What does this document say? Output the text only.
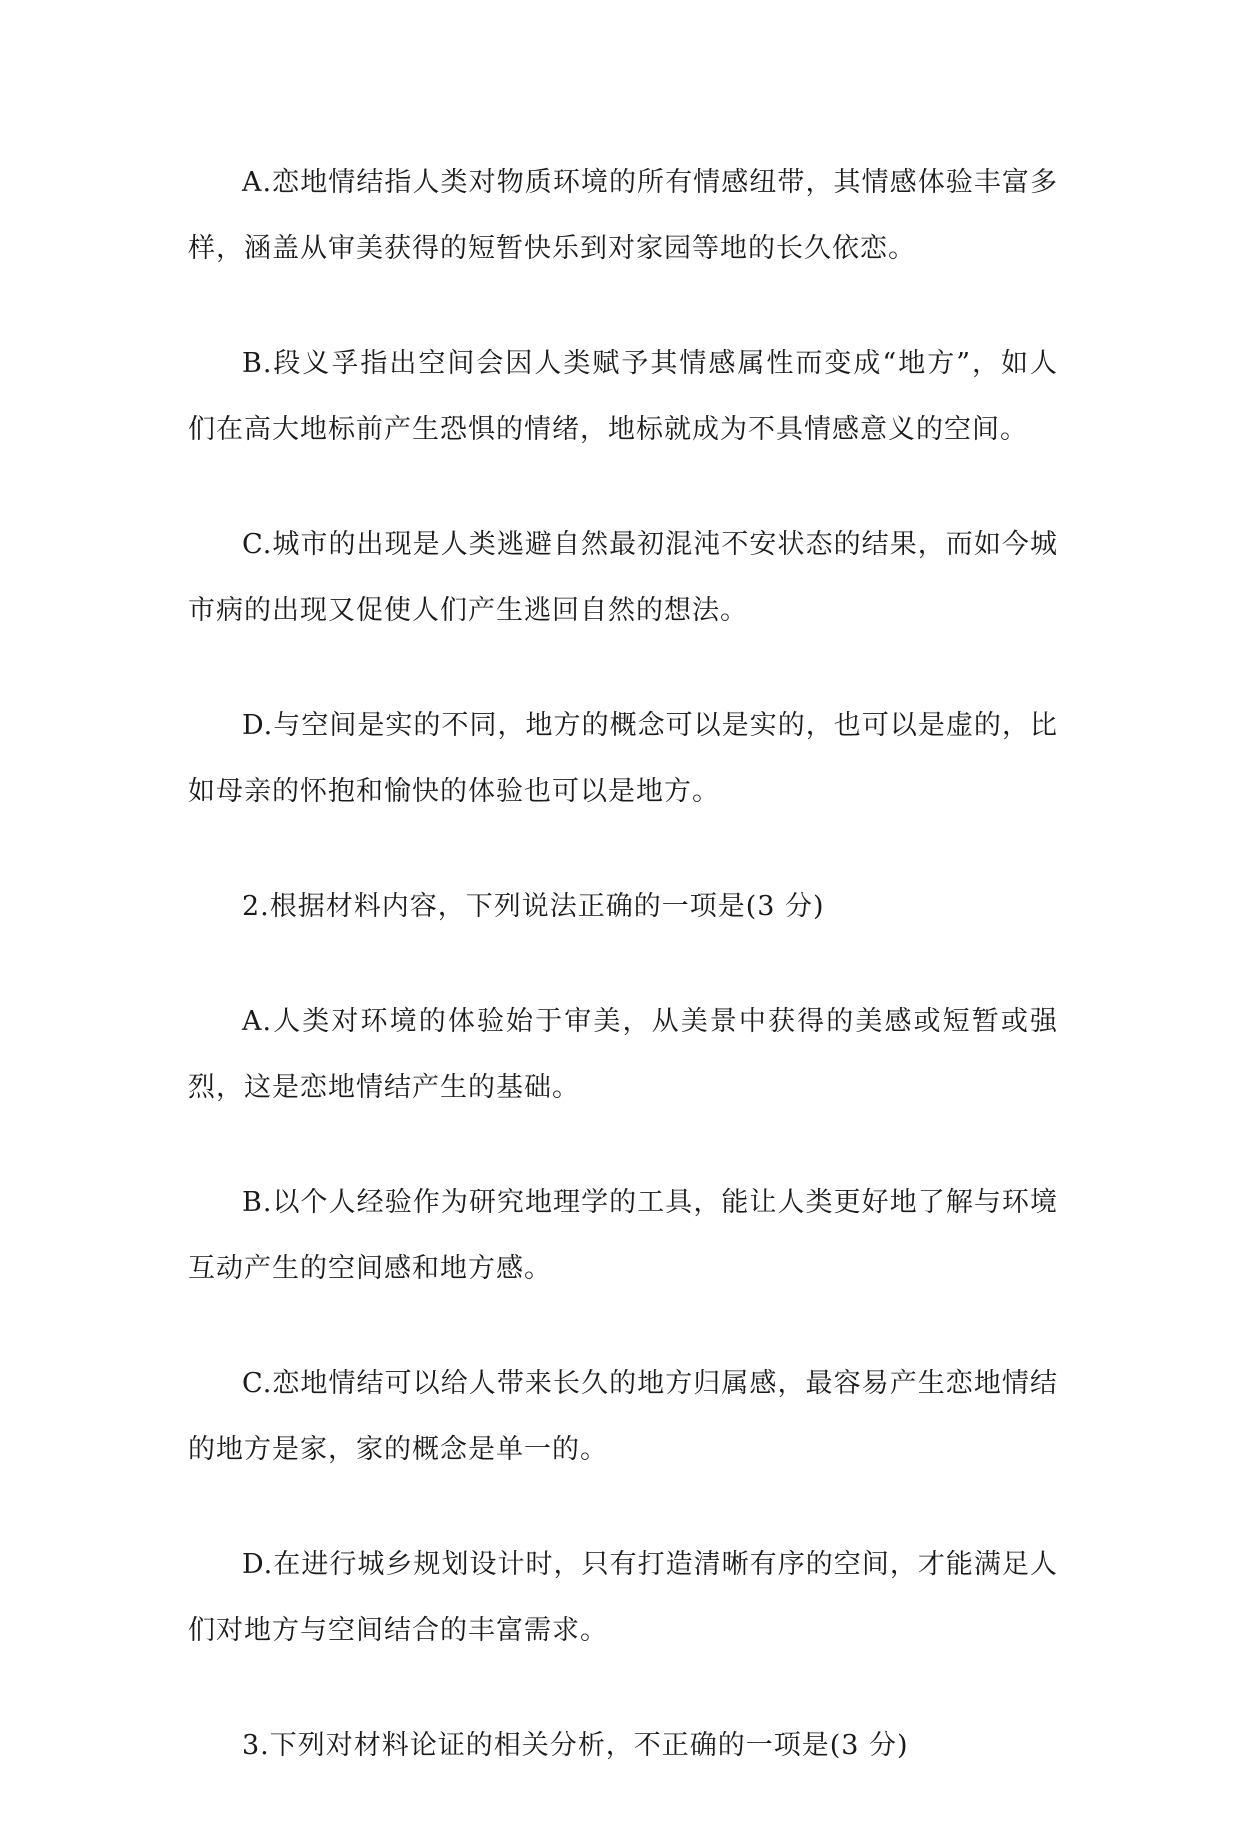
A.恋地情结指人类对物质环境的所有情感纽带，其情感体验丰富多样，涵盖从审美获得的短暂快乐到对家园等地的长久依恋。

B.段义孚指出空间会因人类赋予其情感属性而变成“地方”，如人们在高大地标前产生恐惧的情绪，地标就成为不具情感意义的空间。

C.城市的出现是人类逃避自然最初混沌不安状态的结果，而如今城市病的出现又促使人们产生逃回自然的想法。

D.与空间是实的不同，地方的概念可以是实的，也可以是虚的，比如母亲的怀抱和愉快的体验也可以是地方。

2.根据材料内容，下列说法正确的一项是(3 分)

A.人类对环境的体验始于审美，从美景中获得的美感或短暂或强烈，这是恋地情结产生的基础。

B.以个人经验作为研究地理学的工具，能让人类更好地了解与环境互动产生的空间感和地方感。

C.恋地情结可以给人带来长久的地方归属感，最容易产生恋地情结的地方是家，家的概念是单一的。

D.在进行城乡规划设计时，只有打造清晰有序的空间，才能满足人们对地方与空间结合的丰富需求。

3.下列对材料论证的相关分析，不正确的一项是(3 分)
